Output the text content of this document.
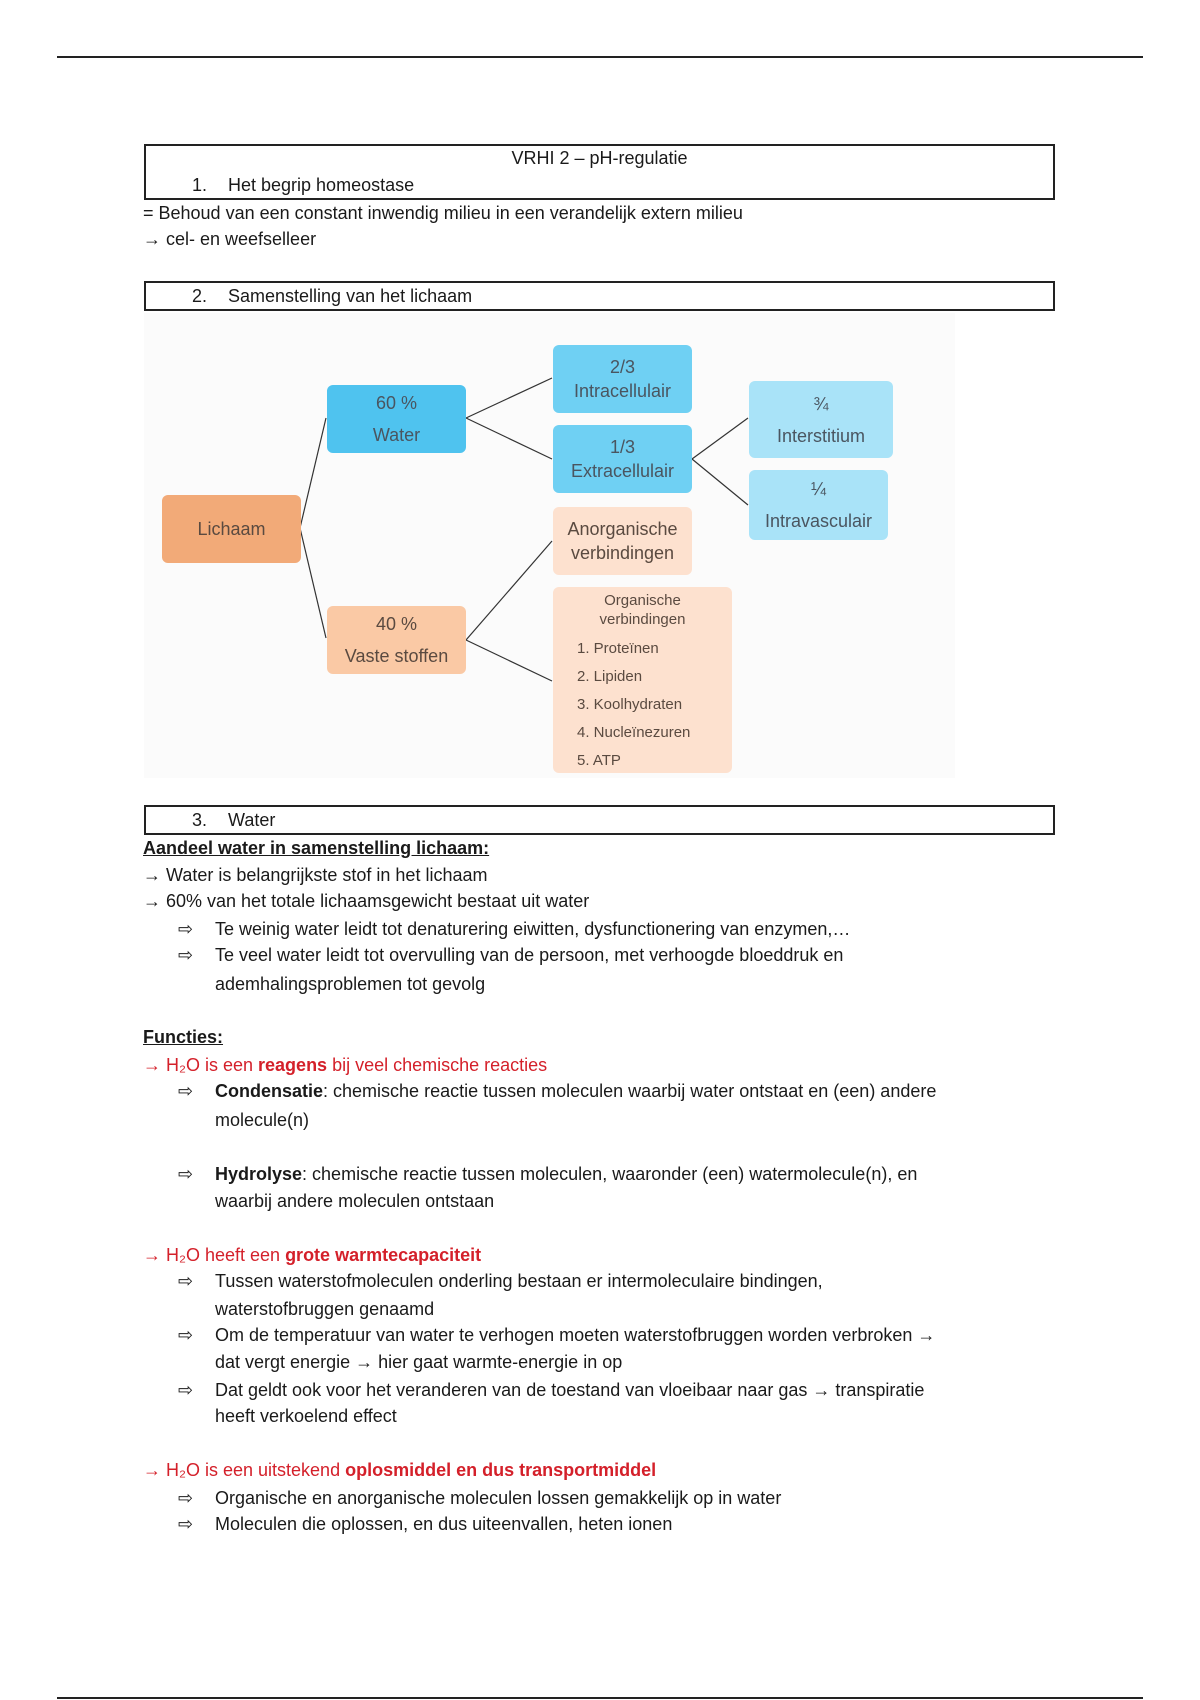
VRHI 2 – pH-regulatie
1. Het begrip homeostase
= Behoud van een constant inwendig milieu in een verandelijk extern milieu
→ cel- en weefselleer
2. Samenstelling van het lichaam
Lichaam
60 %
Water
40 %
Vaste stoffen
2/3
Intracellulair
1/3
Extracellulair
¾
Interstitium
¼
Intravasculair
Anorganische
verbindingen
Organische
verbindingen
1. Proteïnen
2. Lipiden
3. Koolhydraten
4. Nucleïnezuren
5. ATP
3. Water
Aandeel water in samenstelling lichaam:
→ Water is belangrijkste stof in het lichaam
→ 60% van het totale lichaamsgewicht bestaat uit water
⇨ Te weinig water leidt tot denaturering eiwitten, dysfunctionering van enzymen,…
⇨ Te veel water leidt tot overvulling van de persoon, met verhoogde bloeddruk en
ademhalingsproblemen tot gevolg
Functies:
→ H₂O is een reagens bij veel chemische reacties
⇨ Condensatie: chemische reactie tussen moleculen waarbij water ontstaat en (een) andere
molecule(n)
⇨ Hydrolyse: chemische reactie tussen moleculen, waaronder (een) watermolecule(n), en
waarbij andere moleculen ontstaan
→ H₂O heeft een grote warmtecapaciteit
⇨ Tussen waterstofmoleculen onderling bestaan er intermoleculaire bindingen,
waterstofbruggen genaamd
⇨ Om de temperatuur van water te verhogen moeten waterstofbruggen worden verbroken →
dat vergt energie → hier gaat warmte-energie in op
⇨ Dat geldt ook voor het veranderen van de toestand van vloeibaar naar gas → transpiratie
heeft verkoelend effect
→ H₂O is een uitstekend oplosmiddel en dus transportmiddel
⇨ Organische en anorganische moleculen lossen gemakkelijk op in water
⇨ Moleculen die oplossen, en dus uiteenvallen, heten ionen
